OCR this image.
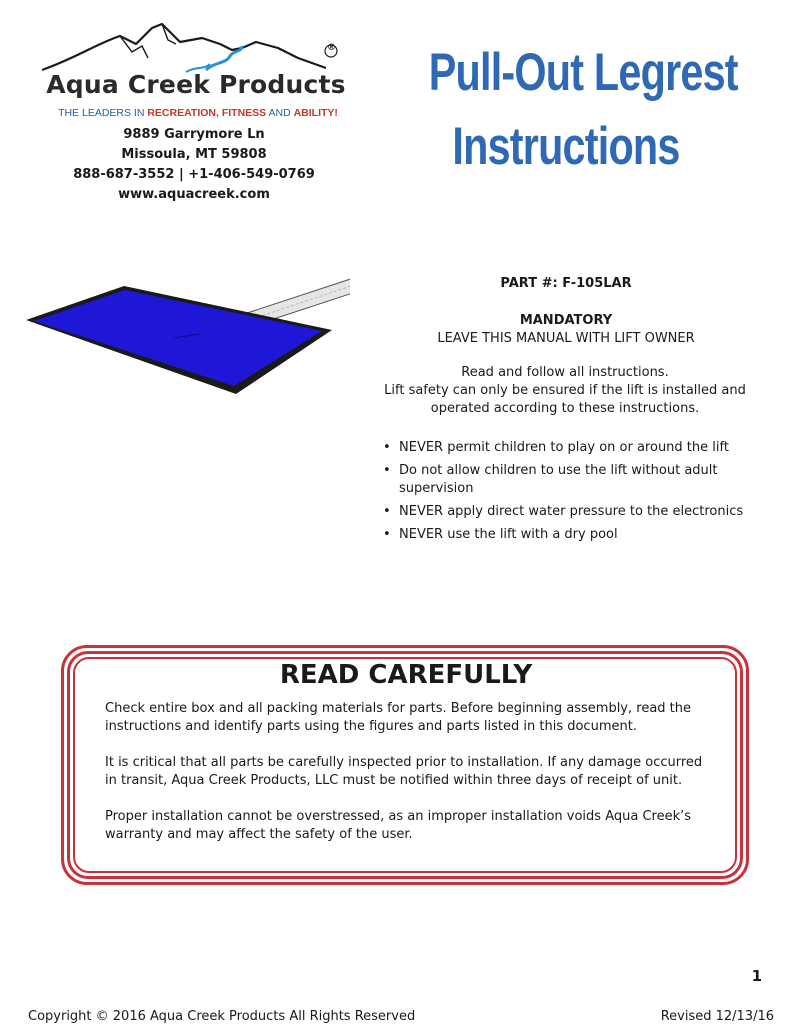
®
Aqua Creek Products
THE LEADERS IN RECREATION, FITNESS AND ABILITY!
9889 Garrymore Ln
Missoula, MT 59808
888-687-3552 | +1-406-549-0769
www.aquacreek.com
Pull-Out Legrest
Instructions
PART #: F-105LAR
MANDATORY
LEAVE THIS MANUAL WITH LIFT OWNER
Read and follow all instructions.
Lift safety can only be ensured if the lift is installed and operated according to these instructions.
• NEVER permit children to play on or around the lift
• Do not allow children to use the lift without adult supervision
• NEVER apply direct water pressure to the electronics
• NEVER use the lift with a dry pool
READ CAREFULLY

Check entire box and all packing materials for parts. Before beginning assembly, read the instructions and identify parts using the figures and parts listed in this document.

It is critical that all parts be carefully inspected prior to installation. If any damage occurred in transit, Aqua Creek Products, LLC must be notified within three days of receipt of unit.

Proper installation cannot be overstressed, as an improper installation voids Aqua Creek’s warranty and may affect the safety of the user.

1
Copyright © 2016 Aqua Creek Products All Rights Reserved	Revised 12/13/16
